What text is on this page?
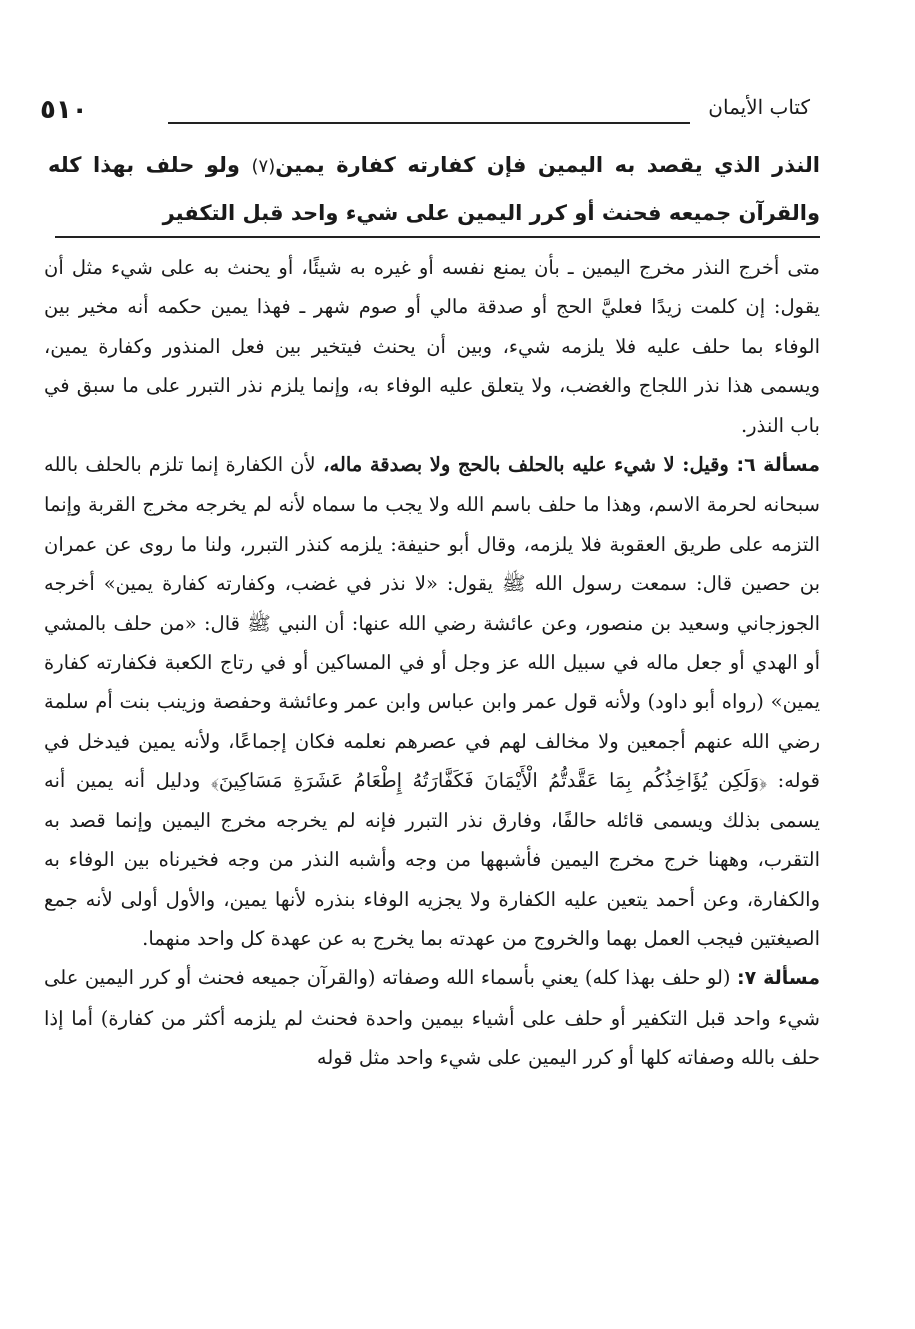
٥١٠	كتاب الأيمان
النذر الذي يقصد به اليمين فإن كفارته كفارة يمين(٧) ولو حلف بهذا كله والقرآن جميعه فحنث أو كرر اليمين على شيء واحد قبل التكفير

متى أخرج النذر مخرج اليمين ـ بأن يمنع نفسه أو غيره به شيئًا، أو يحنث به على شيء مثل أن يقول: إن كلمت زيدًا فعليَّ الحج أو صدقة مالي أو صوم شهر ـ فهذا يمين حكمه أنه مخير بين الوفاء بما حلف عليه فلا يلزمه شيء، وبين أن يحنث فيتخير بين فعل المنذور وكفارة يمين، ويسمى هذا نذر اللجاج والغضب، ولا يتعلق عليه الوفاء به، وإنما يلزم نذر التبرر على ما سبق في باب النذر.

مسألة ٦: وقيل: لا شيء عليه بالحلف بالحج ولا بصدقة ماله، لأن الكفارة إنما تلزم بالحلف بالله سبحانه لحرمة الاسم، وهذا ما حلف باسم الله ولا يجب ما سماه لأنه لم يخرجه مخرج القربة وإنما التزمه على طريق العقوبة فلا يلزمه، وقال أبو حنيفة: يلزمه كنذر التبرر، ولنا ما روى عن عمران بن حصين قال: سمعت رسول الله ﷺ يقول: «لا نذر في غضب، وكفارته كفارة يمين» أخرجه الجوزجاني وسعيد بن منصور، وعن عائشة رضي الله عنها: أن النبي ﷺ قال: «من حلف بالمشي أو الهدي أو جعل ماله في سبيل الله عز وجل أو في المساكين أو في رتاج الكعبة فكفارته كفارة يمين» (رواه أبو داود) ولأنه قول عمر وابن عباس وابن عمر وعائشة وحفصة وزينب بنت أم سلمة رضي الله عنهم أجمعين ولا مخالف لهم في عصرهم نعلمه فكان إجماعًا، ولأنه يمين فيدخل في قوله: ﴿وَلَكِن يُؤَاخِذُكُم بِمَا عَقَّدتُّمُ الْأَيْمَانَ فَكَفَّارَتُهُ إِطْعَامُ عَشَرَةِ مَسَاكِينَ﴾ ودليل أنه يمين أنه يسمى بذلك ويسمى قائله حالفًا، وفارق نذر التبرر فإنه لم يخرجه مخرج اليمين وإنما قصد به التقرب، وههنا خرج مخرج اليمين فأشبهها من وجه وأشبه النذر من وجه فخيرناه بين الوفاء به والكفارة، وعن أحمد يتعين عليه الكفارة ولا يجزيه الوفاء بنذره لأنها يمين، والأول أولى لأنه جمع الصيغتين فيجب العمل بهما والخروج من عهدته بما يخرج به عن عهدة كل واحد منهما.

مسألة ٧: (لو حلف بهذا كله) يعني بأسماء الله وصفاته (والقرآن جميعه فحنث أو كرر اليمين على شيء واحد قبل التكفير أو حلف على أشياء بيمين واحدة فحنث لم يلزمه أكثر من كفارة) أما إذا حلف بالله وصفاته كلها أو كرر اليمين على شيء واحد مثل قوله
